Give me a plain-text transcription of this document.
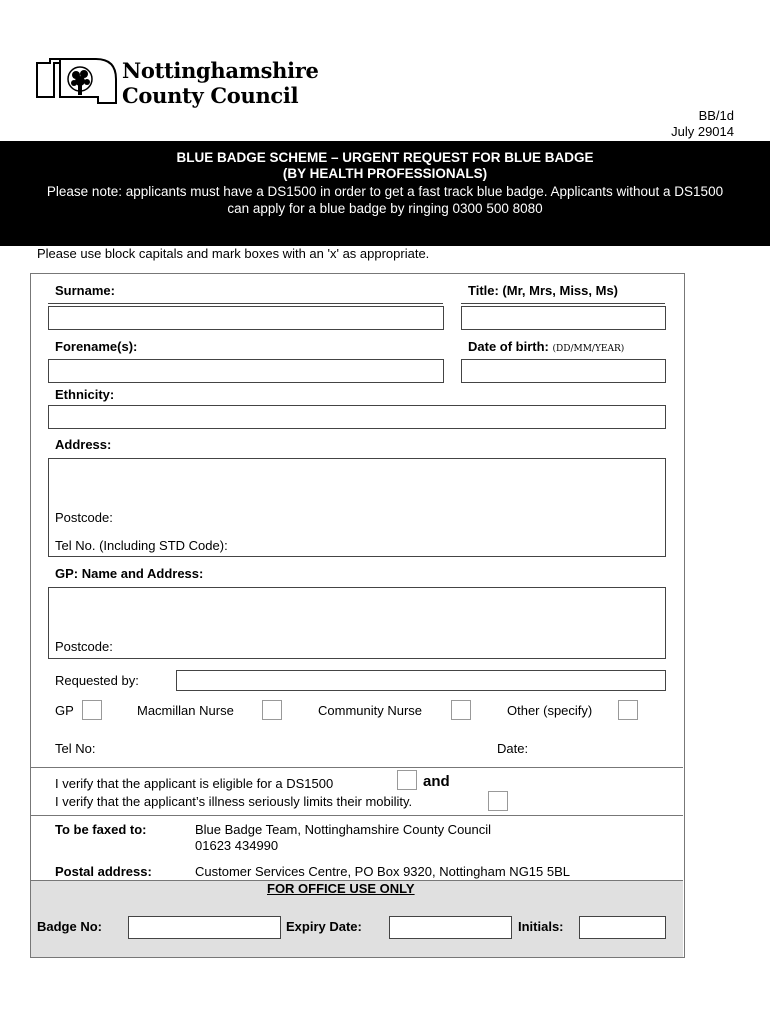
Nottinghamshire
County Council
BB/1d
July 29014
BLUE BADGE SCHEME – URGENT REQUEST FOR BLUE BADGE
(BY HEALTH PROFESSIONALS)
Please note: applicants must have a DS1500 in order to get a fast track blue badge. Applicants without a DS1500 can apply for a blue badge by ringing 0300 500 8080
Please use block capitals and mark boxes with an 'x' as appropriate.
Surname:	Title: (Mr, Mrs, Miss, Ms)
Forename(s):	Date of birth: (DD/MM/YEAR)
Ethnicity:
Address:
Postcode:
Tel No. (Including STD Code):
GP: Name and Address:
Postcode:
Requested by:
GP	Macmillan Nurse	Community Nurse	Other (specify)
Tel No:	Date:
I verify that the applicant is eligible for a DS1500	and
I verify that the applicant’s illness seriously limits their mobility.
To be faxed to:	Blue Badge Team, Nottinghamshire County Council
01623 434990
Postal address:	Customer Services Centre, PO Box 9320, Nottingham NG15 5BL
FOR OFFICE USE ONLY
Badge No:	Expiry Date:	Initials:
